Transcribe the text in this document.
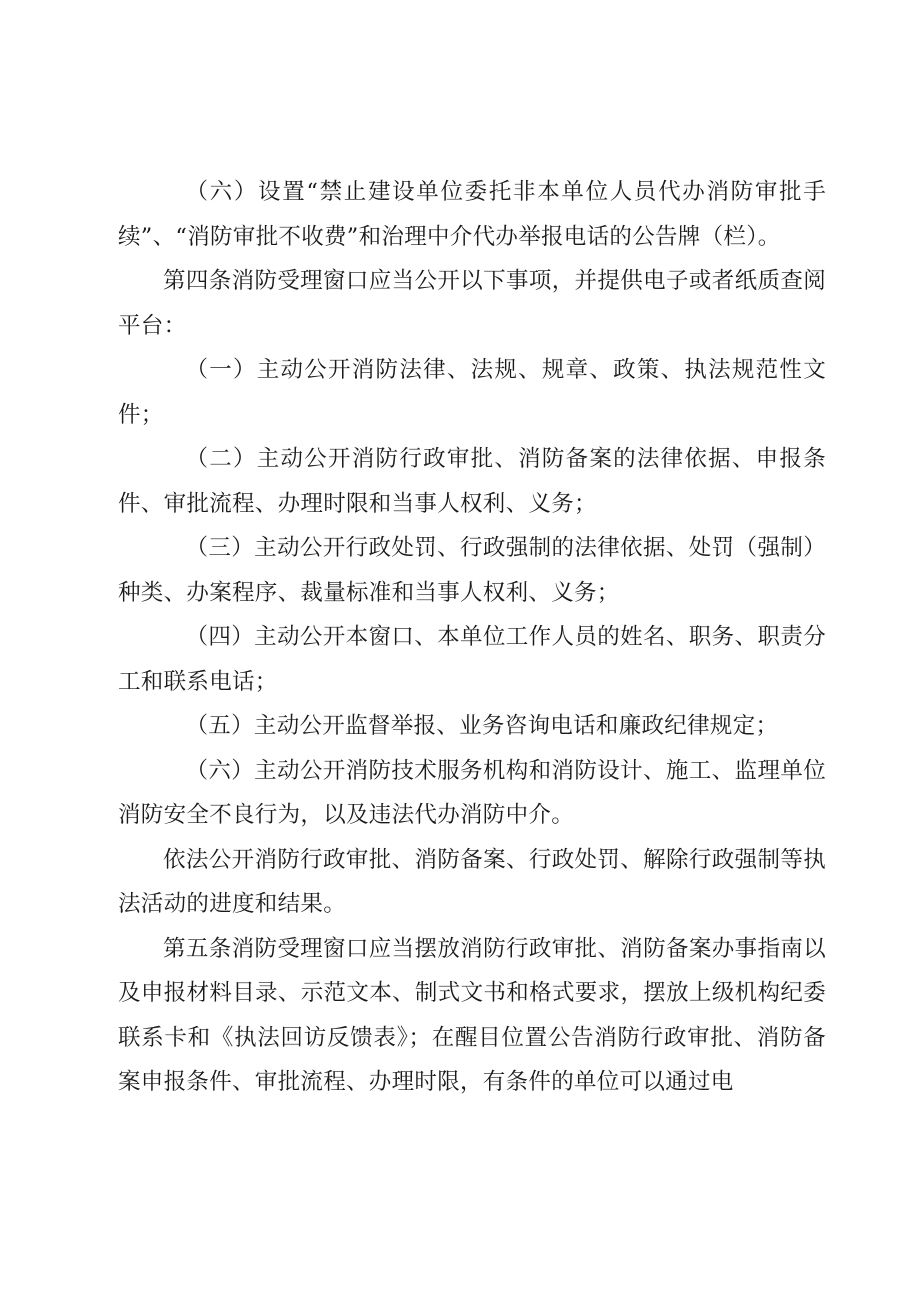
（六）设置“禁止建设单位委托非本单位人员代办消防审批手续”、“消防审批不收费”和治理中介代办举报电话的公告牌（栏）。

第四条消防受理窗口应当公开以下事项，并提供电子或者纸质查阅平台：

（一）主动公开消防法律、法规、规章、政策、执法规范性文件；

（二）主动公开消防行政审批、消防备案的法律依据、申报条件、审批流程、办理时限和当事人权利、义务；

（三）主动公开行政处罚、行政强制的法律依据、处罚（强制）种类、办案程序、裁量标准和当事人权利、义务；

（四）主动公开本窗口、本单位工作人员的姓名、职务、职责分工和联系电话；

（五）主动公开监督举报、业务咨询电话和廉政纪律规定；

（六）主动公开消防技术服务机构和消防设计、施工、监理单位消防安全不良行为，以及违法代办消防中介。

依法公开消防行政审批、消防备案、行政处罚、解除行政强制等执法活动的进度和结果。

第五条消防受理窗口应当摆放消防行政审批、消防备案办事指南以及申报材料目录、示范文本、制式文书和格式要求，摆放上级机构纪委联系卡和《执法回访反馈表》；在醒目位置公告消防行政审批、消防备案申报条件、审批流程、办理时限，有条件的单位可以通过电
